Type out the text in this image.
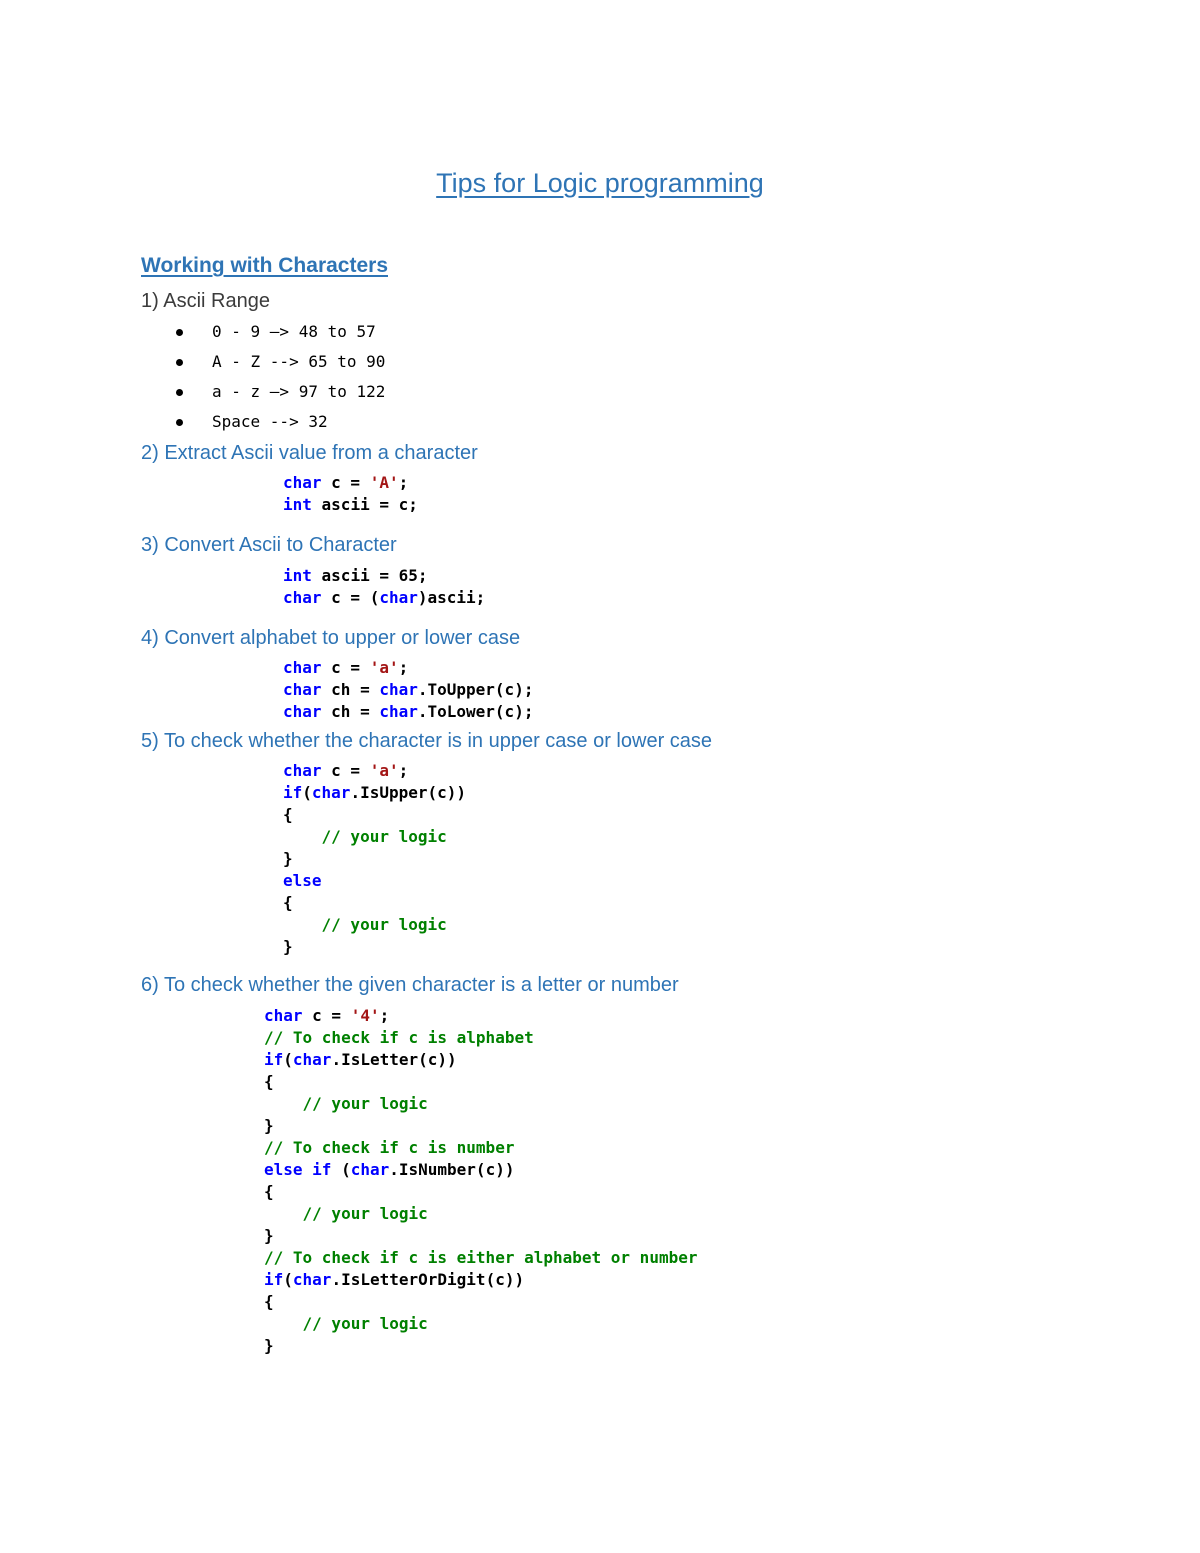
Tips for Logic programming
Working with Characters
1) Ascii Range

0 - 9 –> 48 to 57

A - Z --> 65 to 90

a - z –> 97 to 122

Space --> 32

2) Extract Ascii value from a character
char c = 'A';
int ascii = c;
3) Convert Ascii to Character
int ascii = 65;
char c = (char)ascii;
4) Convert alphabet to upper or lower case
char c = 'a';
char ch = char.ToUpper(c);
char ch = char.ToLower(c);
5) To check whether the character is in upper case or lower case
char c = 'a';
if(char.IsUpper(c))
{
// your logic
}
else
{
// your logic
}
6) To check whether the given character is a letter or number
char c = '4';
// To check if c is alphabet
if(char.IsLetter(c))
{
// your logic
}
// To check if c is number
else if (char.IsNumber(c))
{
// your logic
}
// To check if c is either alphabet or number
if(char.IsLetterOrDigit(c))
{
// your logic
}
